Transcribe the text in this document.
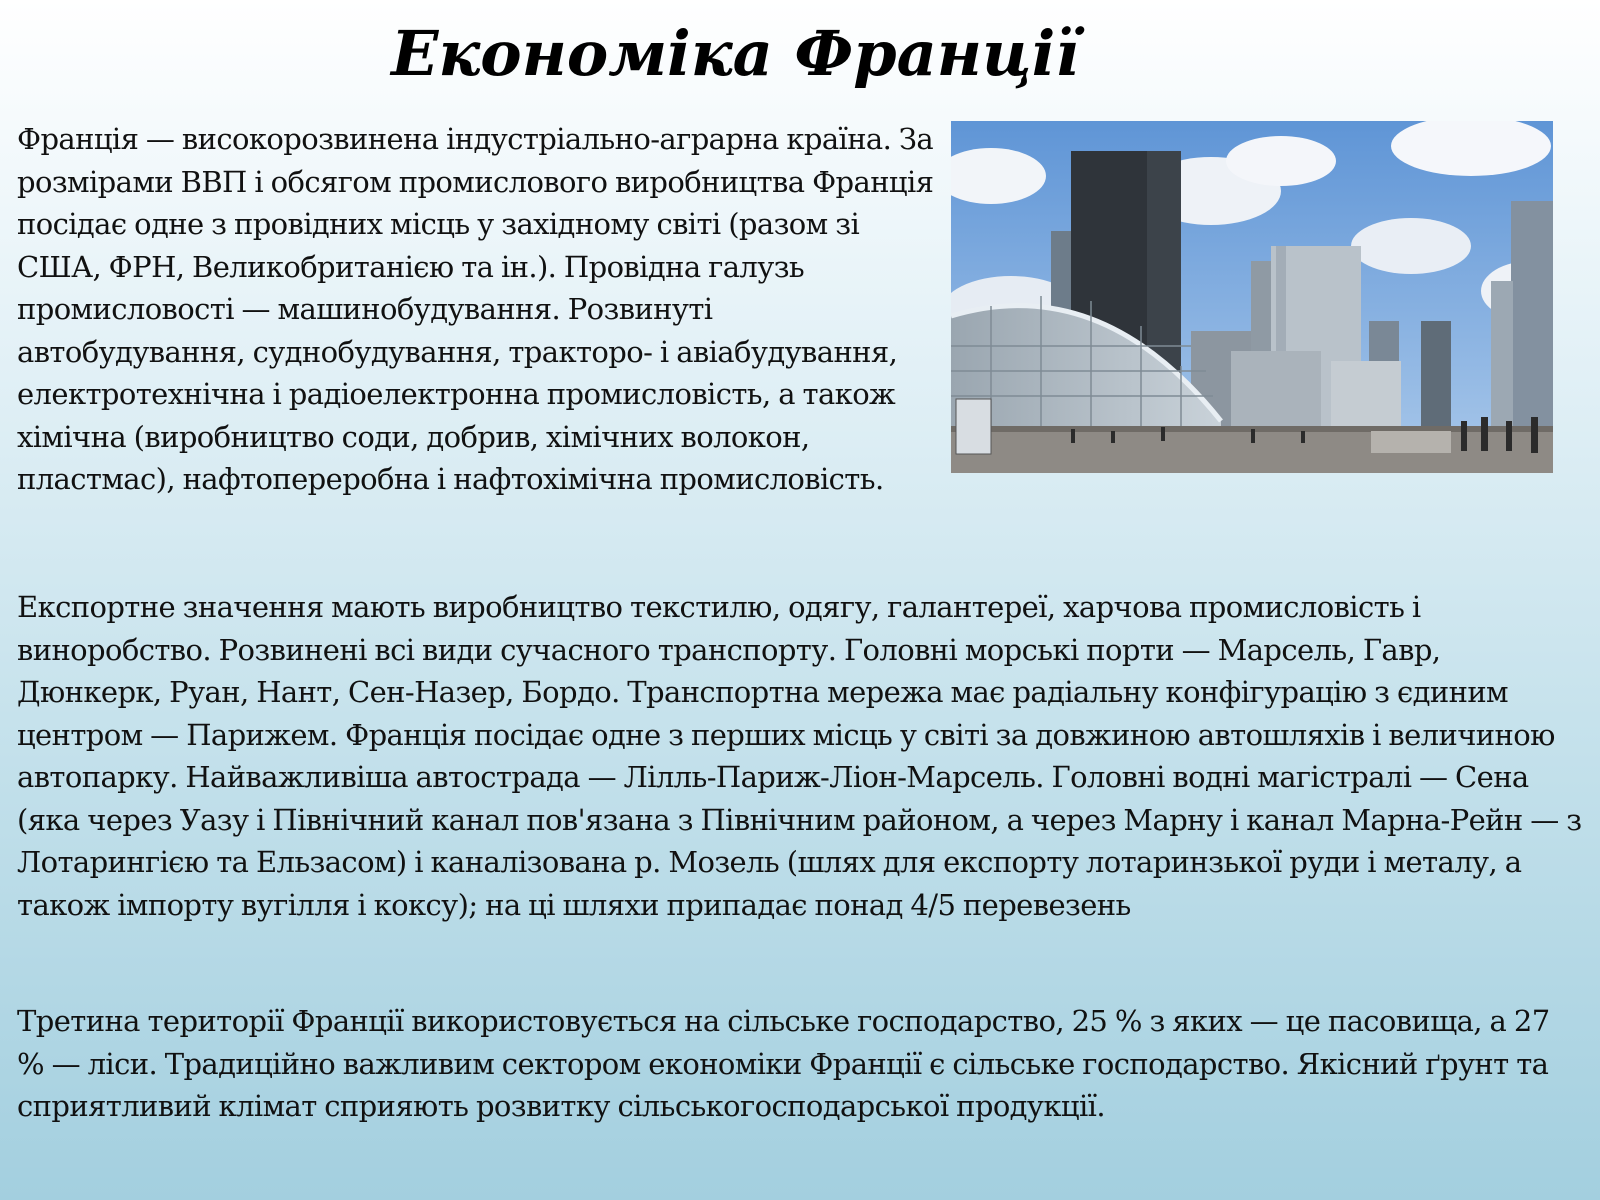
Економіка Франції

Франція — високорозвинена індустріально-аграрна країна. За розмірами ВВП і обсягом промислового виробництва Франція посідає одне з провідних місць у західному світі (разом зі США, ФРН, Великобританією та ін.). Провідна галузь промисловості — машинобудування. Розвинуті автобудування, суднобудування, тракторо- і авіабудування, електротехнічна і радіоелектронна промисловість, а також хімічна (виробництво соди, добрив, хімічних волокон, пластмас), нафтопереробна і нафтохімічна промисловість.

Експортне значення мають виробництво текстилю, одягу, галантереї, харчова промисловість і виноробство. Розвинені всі види сучасного транспорту. Головні морські порти — Марсель, Гавр, Дюнкерк, Руан, Нант, Сен-Назер, Бордо. Транспортна мережа має радіальну конфігурацію з єдиним центром — Парижем. Франція посідає одне з перших місць у світі за довжиною автошляхів і величиною автопарку. Найважливіша автострада — Лілль-Париж-Ліон-Марсель. Головні водні магістралі — Сена (яка через Уазу і Північний канал пов'язана з Північним районом, а через Марну і канал Марна-Рейн — з Лотарингією та Ельзасом) і каналізована р. Мозель (шлях для експорту лотаринзької руди і металу, а також імпорту вугілля і коксу); на ці шляхи припадає понад 4/5 перевезень

Третина території Франції використовується на сільське господарство, 25 % з яких — це пасовища, а 27 % — ліси. Традиційно важливим сектором економіки Франції є сільське господарство. Якісний ґрунт та сприятливий клімат сприяють розвитку сільськогосподарської продукції.
